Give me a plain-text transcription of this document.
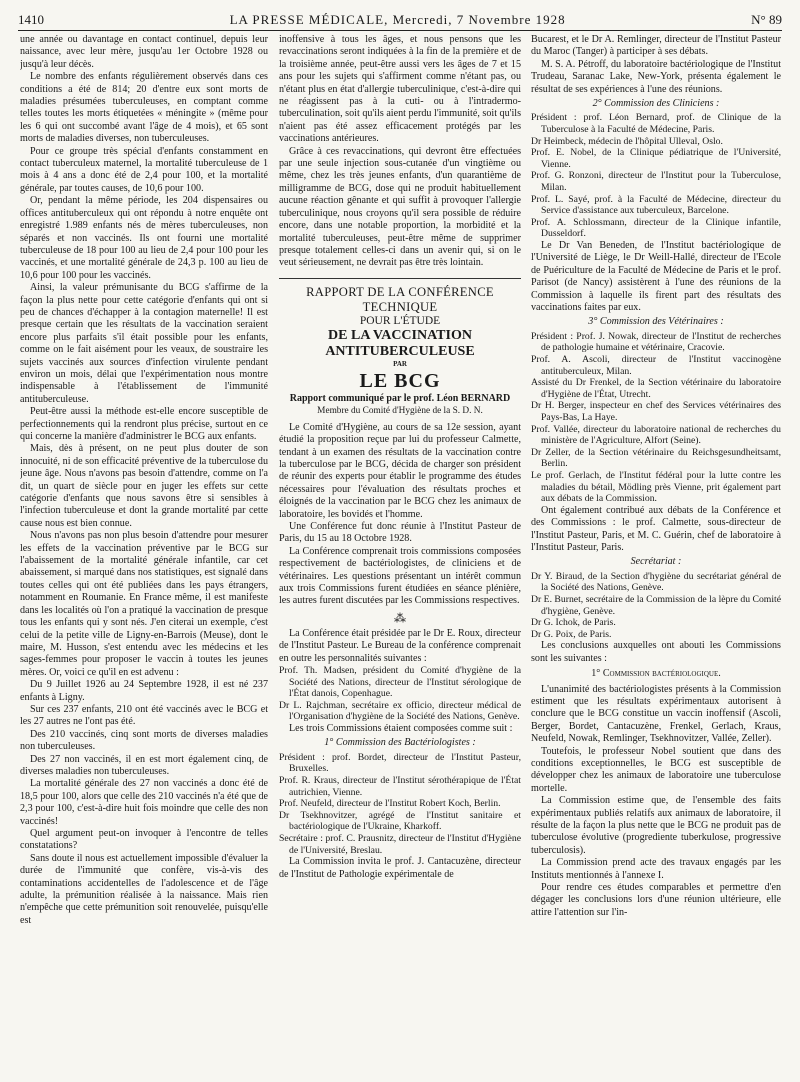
1410	LA PRESSE MÉDICALE, Mercredi, 7 Novembre 1928	N° 89

une année ou davantage en contact continuel, depuis leur naissance, avec leur mère, jusqu'au 1er Octobre 1928 ou jusqu'à leur décès.

Le nombre des enfants régulièrement observés dans ces conditions a été de 814; 20 d'entre eux sont morts de maladies présumées tuberculeuses, en comptant comme telles toutes les morts étiquetées « méningite » (même pour les 6 qui ont succombé avant l'âge de 4 mois), et 65 sont morts de maladies diverses, non tuberculeuses.

Pour ce groupe très spécial d'enfants constamment en contact tuberculeux maternel, la mortalité tuberculeuse de 1 mois à 4 ans a donc été de 2,4 pour 100, et la mortalité générale, par toutes causes, de 10,6 pour 100.

Or, pendant la même période, les 204 dispensaires ou offices antituberculeux qui ont répondu à notre enquête ont enregistré 1.989 enfants nés de mères tuberculeuses, non séparés et non vaccinés. Ils ont fourni une mortalité tuberculeuse de 18 pour 100 au lieu de 2,4 pour 100 pour les vaccinés, et une mortalité générale de 24,3 p. 100 au lieu de 10,6 pour 100 pour les vaccinés.

Ainsi, la valeur prémunisante du BCG s'affirme de la façon la plus nette pour cette catégorie d'enfants qui ont si peu de chances d'échapper à la contagion maternelle! Il est presque certain que les résultats de la vaccination seraient encore plus parfaits s'il était possible pour les enfants, comme on le fait aisément pour les veaux, de soustraire les sujets vaccinés aux sources d'infection virulente pendant environ un mois, délai que l'expérimentation nous montre indispensable à l'établissement de l'immunité antituberculeuse.

Peut-être aussi la méthode est-elle encore susceptible de perfectionnements qui la rendront plus précise, surtout en ce qui concerne la manière d'administrer le BCG aux enfants.

Mais, dès à présent, on ne peut plus douter de son innocuité, ni de son efficacité préventive de la tuberculose du jeune âge. Nous n'avons pas besoin d'attendre, comme on l'a dit, un quart de siècle pour en juger les effets sur cette catégorie d'enfants que nous savons être si sensibles à l'infection tuberculeuse et dont la grande mortalité par cette cause nous est bien connue.

Nous n'avons pas non plus besoin d'attendre pour mesurer les effets de la vaccination préventive par le BCG sur l'abaissement de la mortalité générale infantile, car cet abaissement, si marqué dans nos statistiques, est signalé dans toutes celles qui ont été publiées dans les pays étrangers, notamment en Roumanie. En France même, il est manifeste dans les localités où l'on a pratiqué la vaccination de presque tous les enfants qui y sont nés. J'en citerai un exemple, c'est celui de la petite ville de Ligny-en-Barrois (Meuse), dont le maire, M. Husson, s'est entendu avec les médecins et les sages-femmes pour proposer le vaccin à toutes les jeunes mères. Or, voici ce qu'il en est advenu :

Du 9 Juillet 1926 au 24 Septembre 1928, il est né 237 enfants à Ligny.

Sur ces 237 enfants, 210 ont été vaccinés avec le BCG et les 27 autres ne l'ont pas été.

Des 210 vaccinés, cinq sont morts de diverses maladies non tuberculeuses.

Des 27 non vaccinés, il en est mort également cinq, de diverses maladies non tuberculeuses.

La mortalité générale des 27 non vaccinés a donc été de 18,5 pour 100, alors que celle des 210 vaccinés n'a été que de 2,3 pour 100, c'est-à-dire huit fois moindre que celle des non vaccinés!

Quel argument peut-on invoquer à l'encontre de telles constatations?

Sans doute il nous est actuellement impossible d'évaluer la durée de l'immunité que confère, vis-à-vis des contaminations accidentelles de l'adolescence et de l'âge adulte, la prémunition réalisée à la naissance. Mais rien n'empêche que cette prémunition soit renouvelée, puisqu'elle est

inoffensive à tous les âges, et nous pensons que les revaccinations seront indiquées à la fin de la première et de la troisième année, peut-être aussi vers les âges de 7 et 15 ans pour les sujets qui s'affirment comme n'étant pas, ou n'étant plus en état d'allergie tuberculinique, c'est-à-dire qui ne réagissent pas à la cuti- ou à l'intradermo-tuberculination, soit qu'ils aient perdu l'immunité, soit qu'ils n'aient pas été assez efficacement protégés par les vaccinations antérieures.

Grâce à ces revaccinations, qui devront être effectuées par une seule injection sous-cutanée d'un vingtième ou même, chez les très jeunes enfants, d'un quarantième de milligramme de BCG, dose qui ne produit habituellement aucune réaction gênante et qui suffit à provoquer l'allergie tuberculinique, nous croyons qu'il sera possible de réduire encore, dans une notable proportion, la morbidité et la mortalité tuberculeuses, peut-être même de supprimer presque totalement celles-ci dans un avenir qui, si on le veut sérieusement, ne devrait pas être très lointain.

RAPPORT DE LA CONFÉRENCE TECHNIQUE

POUR L'ÉTUDE

DE LA VACCINATION ANTITUBERCULEUSE

PAR

LE BCG

Rapport communiqué par le prof. Léon BERNARD

Membre du Comité d'Hygiène de la S. D. N.

Le Comité d'Hygiène, au cours de sa 12e session, ayant étudié la proposition reçue par lui du professeur Calmette, tendant à un examen des résultats de la vaccination contre la tuberculose par le BCG, décida de charger son président de réunir des experts pour établir le programme des études nécessaires pour l'évaluation des résultats proches et éloignés de la vaccination par le BCG chez les animaux de laboratoire, les bovidés et l'homme.

Une Conférence fut donc réunie à l'Institut Pasteur de Paris, du 15 au 18 Octobre 1928.

La Conférence comprenait trois commissions composées respectivement de bactériologistes, de cliniciens et de vétérinaires. Les questions présentant un intérêt commun aux trois Commissions furent étudiées en séance plénière, les autres furent discutées par les Commissions respectives.

⁂

La Conférence était présidée par le Dr E. Roux, directeur de l'Institut Pasteur. Le Bureau de la conférence comprenait en outre les personnalités suivantes :

Prof. Th. Madsen, président du Comité d'hygiène de la Société des Nations, directeur de l'Institut sérologique de l'État danois, Copenhague.

Dr L. Rajchman, secrétaire ex officio, directeur médical de l'Organisation d'hygiène de la Société des Nations, Genève.

Les trois Commissions étaient composées comme suit :

1° Commission des Bactériologistes :

Président : prof. Bordet, directeur de l'Institut Pasteur, Bruxelles.

Prof. R. Kraus, directeur de l'Institut sérothérapique de l'État autrichien, Vienne.

Prof. Neufeld, directeur de l'Institut Robert Koch, Berlin.

Dr Tsekhnovitzer, agrégé de l'Institut sanitaire et bactériologique de l'Ukraine, Kharkoff.

Secrétaire : prof. C. Prausnitz, directeur de l'Institut d'Hygiène de l'Université, Breslau.

La Commission invita le prof. J. Cantacuzène, directeur de l'Institut de Pathologie expérimentale de

Bucarest, et le Dr A. Remlinger, directeur de l'Institut Pasteur du Maroc (Tanger) à participer à ses débats.

M. S. A. Pétroff, du laboratoire bactériologique de l'Institut Trudeau, Saranac Lake, New-York, présenta également le résultat de ses expériences à l'une des réunions.

2° Commission des Cliniciens :

Président : prof. Léon Bernard, prof. de Clinique de la Tuberculose à la Faculté de Médecine, Paris.

Dr Heimbeck, médecin de l'hôpital Ulleval, Oslo.

Prof. E. Nobel, de la Clinique pédiatrique de l'Université, Vienne.

Prof. G. Ronzoni, directeur de l'Institut pour la Tuberculose, Milan.

Prof. L. Sayé, prof. à la Faculté de Médecine, directeur du Service d'assistance aux tuberculeux, Barcelone.

Prof. A. Schlossmann, directeur de la Clinique infantile, Dusseldorf.

Le Dr Van Beneden, de l'Institut bactériologique de l'Université de Liège, le Dr Weill-Hallé, directeur de l'Ecole de Puériculture de la Faculté de Médecine de Paris et le prof. Parisot (de Nancy) assistèrent à l'une des réunions de la Commission à laquelle ils firent part des résultats des vaccinations faites par eux.

3° Commission des Vétérinaires :

Président : Prof. J. Nowak, directeur de l'Institut de recherches de pathologie humaine et vétérinaire, Cracovie.

Prof. A. Ascoli, directeur de l'Institut vaccinogène antituberculeux, Milan.

Assisté du Dr Frenkel, de la Section vétérinaire du laboratoire d'Hygiène de l'État, Utrecht.

Dr H. Berger, inspecteur en chef des Services vétérinaires des Pays-Bas, La Haye.

Prof. Vallée, directeur du laboratoire national de recherches du ministère de l'Agriculture, Alfort (Seine).

Dr Zeller, de la Section vétérinaire du Reichsgesundheitsamt, Berlin.

Le prof. Gerlach, de l'Institut fédéral pour la lutte contre les maladies du bétail, Mödling près Vienne, prit également part aux débats de la Commission.

Ont également contribué aux débats de la Conférence et des Commissions : le prof. Calmette, sous-directeur de l'Institut Pasteur, Paris, et M. C. Guérin, chef de laboratoire à l'Institut Pasteur, Paris.

Secrétariat :

Dr Y. Biraud, de la Section d'hygiène du secrétariat général de la Société des Nations, Genève.

Dr E. Burnet, secrétaire de la Commission de la lèpre du Comité d'hygiène, Genève.

Dr G. Ichok, de Paris.

Dr G. Poix, de Paris.

Les conclusions auxquelles ont abouti les Commissions sont les suivantes :

1° Commission bactériologique.

L'unanimité des bactériologistes présents à la Commission estiment que les résultats expérimentaux autorisent à conclure que le BCG constitue un vaccin inoffensif (Ascoli, Berger, Bordet, Cantacuzène, Frenkel, Gerlach, Kraus, Neufeld, Nowak, Remlinger, Tsekhnovitzer, Vallée, Zeller).

Toutefois, le professeur Nobel soutient que dans des conditions exceptionnelles, le BCG est susceptible de développer chez les animaux de laboratoire une tuberculose mortelle.

La Commission estime que, de l'ensemble des faits expérimentaux publiés relatifs aux animaux de laboratoire, il résulte de la façon la plus nette que le BCG ne produit pas de tuberculose évolutive (progrediente tuberkulose, progressive tuberculosis).

La Commission prend acte des travaux engagés par les Instituts mentionnés à l'annexe I.

Pour rendre ces études comparables et permettre d'en dégager les conclusions lors d'une réunion ultérieure, elle attire l'attention sur l'in-
